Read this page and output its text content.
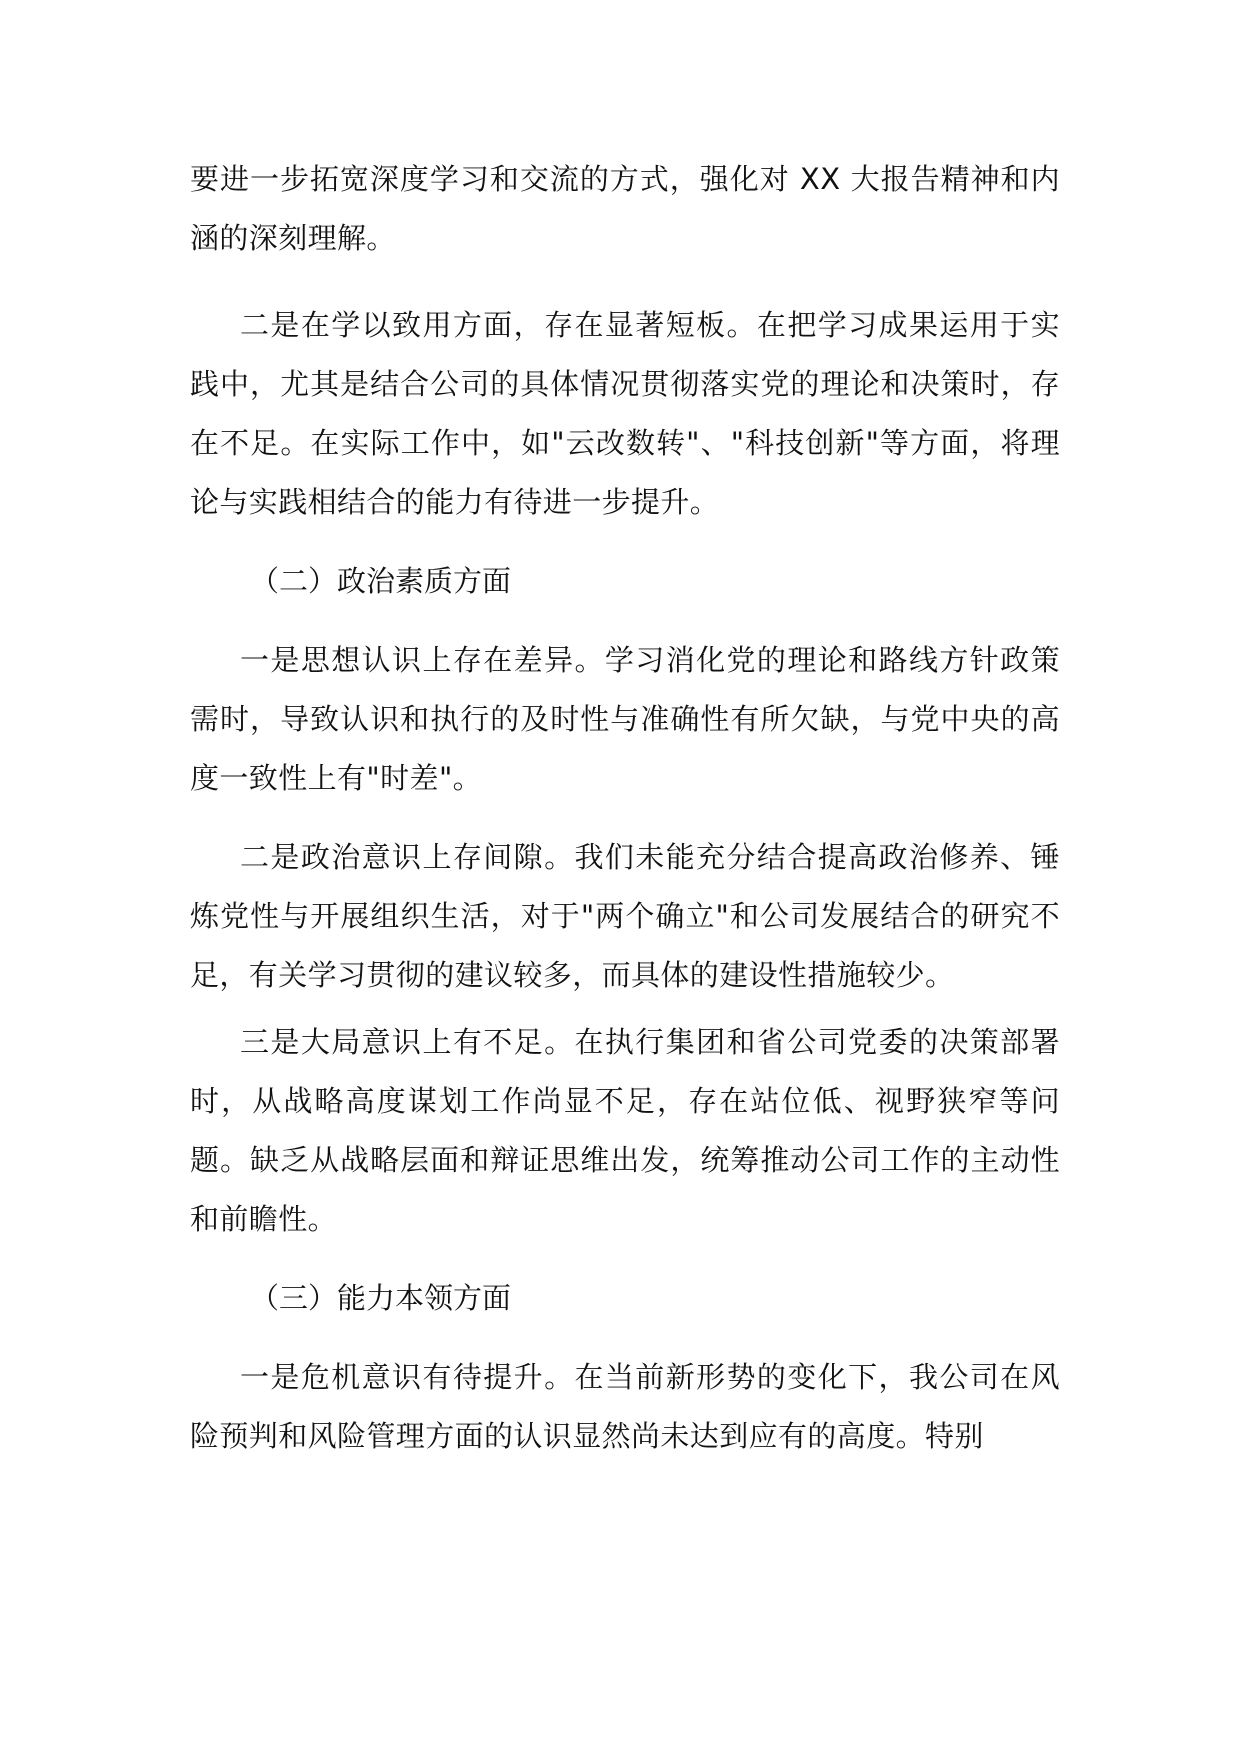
要进一步拓宽深度学习和交流的方式，强化对 XX 大报告精神和内涵的深刻理解。

二是在学以致用方面，存在显著短板。在把学习成果运用于实践中，尤其是结合公司的具体情况贯彻落实党的理论和决策时，存在不足。在实际工作中，如"云改数转"、"科技创新"等方面，将理论与实践相结合的能力有待进一步提升。

（二）政治素质方面

一是思想认识上存在差异。学习消化党的理论和路线方针政策需时，导致认识和执行的及时性与准确性有所欠缺，与党中央的高度一致性上有"时差"。

二是政治意识上存间隙。我们未能充分结合提高政治修养、锤炼党性与开展组织生活，对于"两个确立"和公司发展结合的研究不足，有关学习贯彻的建议较多，而具体的建设性措施较少。

三是大局意识上有不足。在执行集团和省公司党委的决策部署时，从战略高度谋划工作尚显不足，存在站位低、视野狭窄等问题。缺乏从战略层面和辩证思维出发，统筹推动公司工作的主动性和前瞻性。

（三）能力本领方面

一是危机意识有待提升。在当前新形势的变化下，我公司在风险预判和风险管理方面的认识显然尚未达到应有的高度。特别
